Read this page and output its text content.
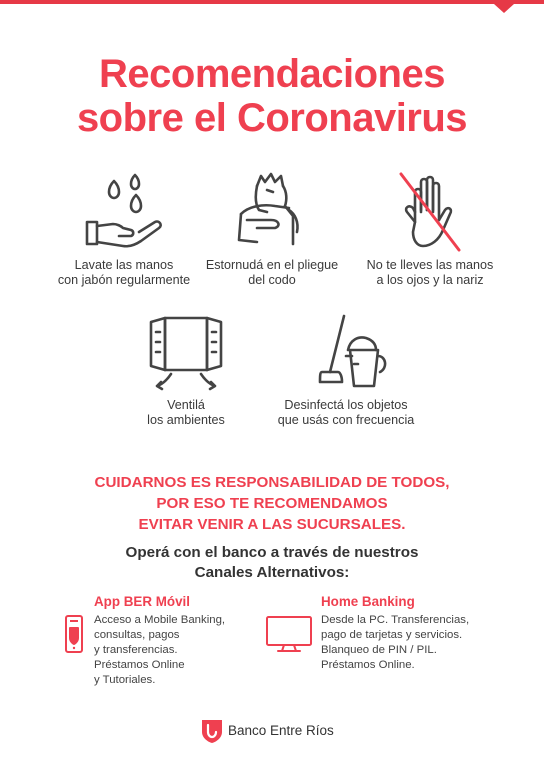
Recomendaciones
sobre el Coronavirus
Lavate las manos
con jabón regularmente
Estornudá en el pliegue
del codo
No te lleves las manos
a los ojos y la nariz
Ventilá
los ambientes
Desinfectá los objetos
que usás con frecuencia
CUIDARNOS ES RESPONSABILIDAD DE TODOS,
POR ESO TE RECOMENDAMOS
EVITAR VENIR A LAS SUCURSALES.
Operá con el banco a través de nuestros
Canales Alternativos:
App BER Móvil
Acceso a Mobile Banking,
consultas, pagos
y transferencias.
Préstamos Online
y Tutoriales.
Home Banking
Desde la PC. Transferencias,
pago de tarjetas y servicios.
Blanqueo de PIN / PIL.
Préstamos Online.
Banco Entre Ríos
